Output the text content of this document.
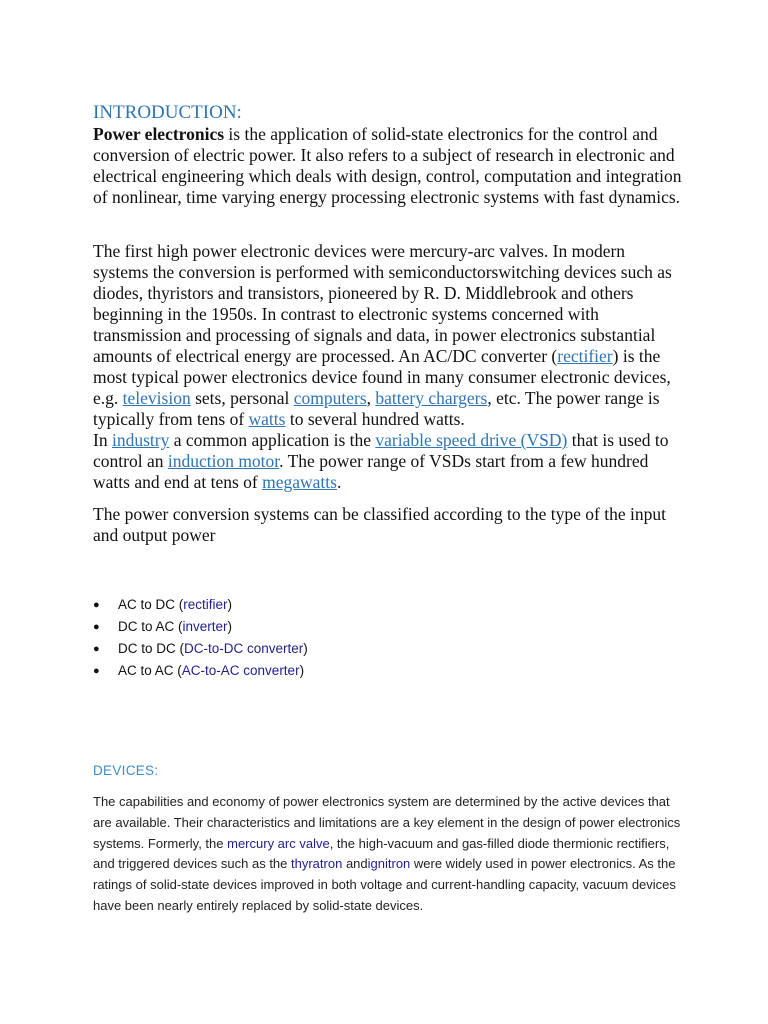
INTRODUCTION:

Power electronics is the application of solid-state electronics for the control and conversion of electric power. It also refers to a subject of research in electronic and electrical engineering which deals with design, control, computation and integration of nonlinear, time varying energy processing electronic systems with fast dynamics.

The first high power electronic devices were mercury-arc valves. In modern systems the conversion is performed with semiconductorswitching devices such as diodes, thyristors and transistors, pioneered by R. D. Middlebrook and others beginning in the 1950s. In contrast to electronic systems concerned with transmission and processing of signals and data, in power electronics substantial amounts of electrical energy are processed. An AC/DC converter (rectifier) is the most typical power electronics device found in many consumer electronic devices, e.g. television sets, personal computers, battery chargers, etc. The power range is typically from tens of watts to several hundred watts.
In industry a common application is the variable speed drive (VSD) that is used to control an induction motor. The power range of VSDs start from a few hundred watts and end at tens of megawatts.

The power conversion systems can be classified according to the type of the input and output power

● AC to DC (rectifier)
● DC to AC (inverter)
● DC to DC (DC-to-DC converter)
● AC to AC (AC-to-AC converter)
DEVICES:

The capabilities and economy of power electronics system are determined by the active devices that are available. Their characteristics and limitations are a key element in the design of power electronics systems. Formerly, the mercury arc valve, the high-vacuum and gas-filled diode thermionic rectifiers, and triggered devices such as the thyratron andignitron were widely used in power electronics. As the ratings of solid-state devices improved in both voltage and current-handling capacity, vacuum devices have been nearly entirely replaced by solid-state devices.
